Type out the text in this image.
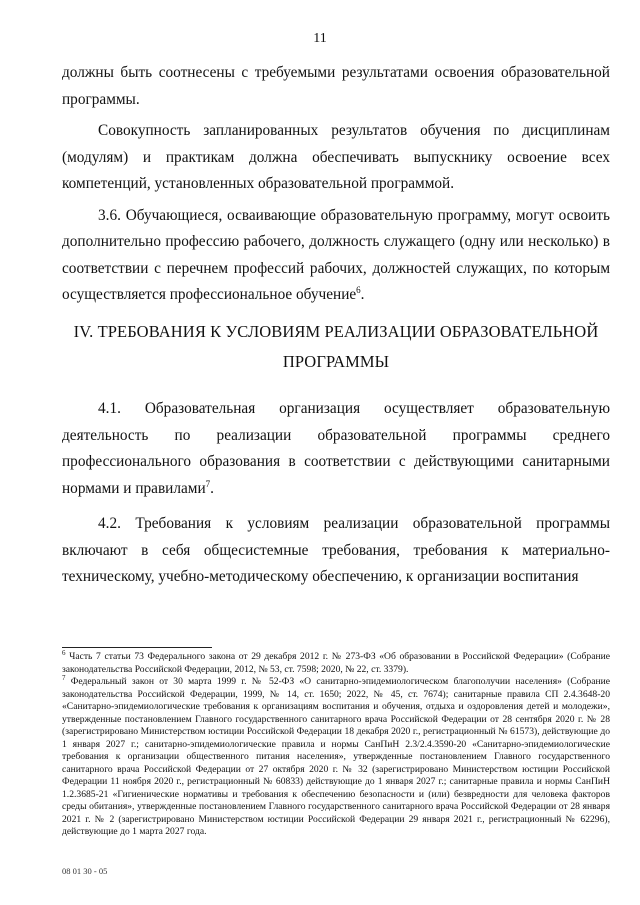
11

должны быть соотнесены с требуемыми результатами освоения образовательной программы.

Совокупность запланированных результатов обучения по дисциплинам (модулям) и практикам должна обеспечивать выпускнику освоение всех компетенций, установленных образовательной программой.

3.6. Обучающиеся, осваивающие образовательную программу, могут освоить дополнительно профессию рабочего, должность служащего (одну или несколько) в соответствии с перечнем профессий рабочих, должностей служащих, по которым осуществляется профессиональное обучение$^6$.

IV. ТРЕБОВАНИЯ К УСЛОВИЯМ РЕАЛИЗАЦИИ ОБРАЗОВАТЕЛЬНОЙ
ПРОГРАММЫ

4.1. Образовательная организация осуществляет образовательную деятельность по реализации образовательной программы среднего профессионального образования в соответствии с действующими санитарными нормами и правилами$^7$.

4.2. Требования к условиям реализации образовательной программы включают в себя общесистемные требования, требования к материально-техническому, учебно-методическому обеспечению, к организации воспитания

$^6$ Часть 7 статьи 73 Федерального закона от 29 декабря 2012 г. № 273-ФЗ «Об образовании в Российской Федерации» (Собрание законодательства Российской Федерации, 2012, № 53, ст. 7598; 2020, № 22, ст. 3379).

$^7$ Федеральный закон от 30 марта 1999 г. № 52-ФЗ «О санитарно-эпидемиологическом благополучии населения» (Собрание законодательства Российской Федерации, 1999, № 14, ст. 1650; 2022, № 45, ст. 7674); санитарные правила СП 2.4.3648-20 «Санитарно-эпидемиологические требования к организациям воспитания и обучения, отдыха и оздоровления детей и молодежи», утвержденные постановлением Главного государственного санитарного врача Российской Федерации от 28 сентября 2020 г. № 28 (зарегистрировано Министерством юстиции Российской Федерации 18 декабря 2020 г., регистрационный № 61573), действующие до 1 января 2027 г.; санитарно-эпидемиологические правила и нормы СанПиН 2.3/2.4.3590-20 «Санитарно-эпидемиологические требования к организации общественного питания населения», утвержденные постановлением Главного государственного санитарного врача Российской Федерации от 27 октября 2020 г. № 32 (зарегистрировано Министерством юстиции Российской Федерации 11 ноября 2020 г., регистрационный № 60833) действующие до 1 января 2027 г.; санитарные правила и нормы СанПиН 1.2.3685-21 «Гигиенические нормативы и требования к обеспечению безопасности и (или) безвредности для человека факторов среды обитания», утвержденные постановлением Главного государственного санитарного врача Российской Федерации от 28 января 2021 г. № 2 (зарегистрировано Министерством юстиции Российской Федерации 29 января 2021 г., регистрационный № 62296), действующие до 1 марта 2027 года.

08 01 30 - 05
